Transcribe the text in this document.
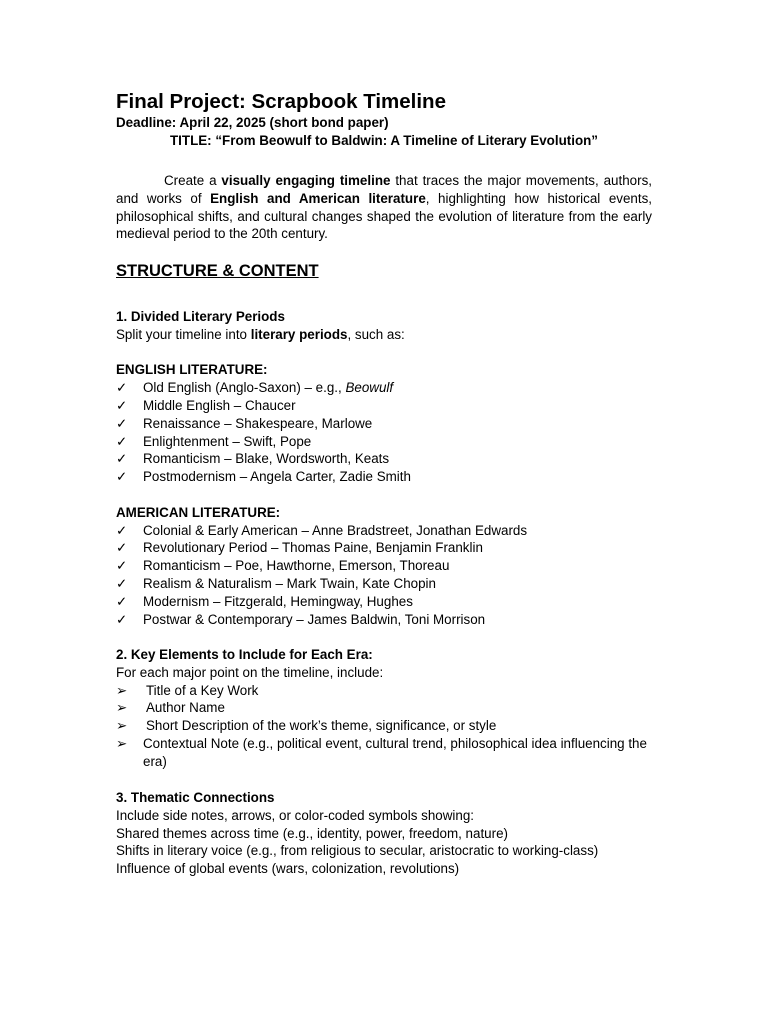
Final Project: Scrapbook Timeline
Deadline: April 22, 2025 (short bond paper)
TITLE: “From Beowulf to Baldwin: A Timeline of Literary Evolution”

Create a visually engaging timeline that traces the major movements, authors, and works of English and American literature, highlighting how historical events, philosophical shifts, and cultural changes shaped the evolution of literature from the early medieval period to the 20th century.

STRUCTURE & CONTENT
1. Divided Literary Periods
Split your timeline into literary periods, such as:
ENGLISH LITERATURE:
✓	Old English (Anglo-Saxon) – e.g., Beowulf
✓	Middle English – Chaucer
✓	Renaissance – Shakespeare, Marlowe
✓	Enlightenment – Swift, Pope
✓	Romanticism – Blake, Wordsworth, Keats
✓	Postmodernism – Angela Carter, Zadie Smith
AMERICAN LITERATURE:
✓	Colonial & Early American – Anne Bradstreet, Jonathan Edwards
✓	Revolutionary Period – Thomas Paine, Benjamin Franklin
✓	Romanticism – Poe, Hawthorne, Emerson, Thoreau
✓	Realism & Naturalism – Mark Twain, Kate Chopin
✓	Modernism – Fitzgerald, Hemingway, Hughes
✓	Postwar & Contemporary – James Baldwin, Toni Morrison
2. Key Elements to Include for Each Era:
For each major point on the timeline, include:
➢	Title of a Key Work
➢	Author Name
➢	Short Description of the work’s theme, significance, or style
➢	Contextual Note (e.g., political event, cultural trend, philosophical idea influencing the era)
3. Thematic Connections
Include side notes, arrows, or color-coded symbols showing:
Shared themes across time (e.g., identity, power, freedom, nature)
Shifts in literary voice (e.g., from religious to secular, aristocratic to working-class)
Influence of global events (wars, colonization, revolutions)
